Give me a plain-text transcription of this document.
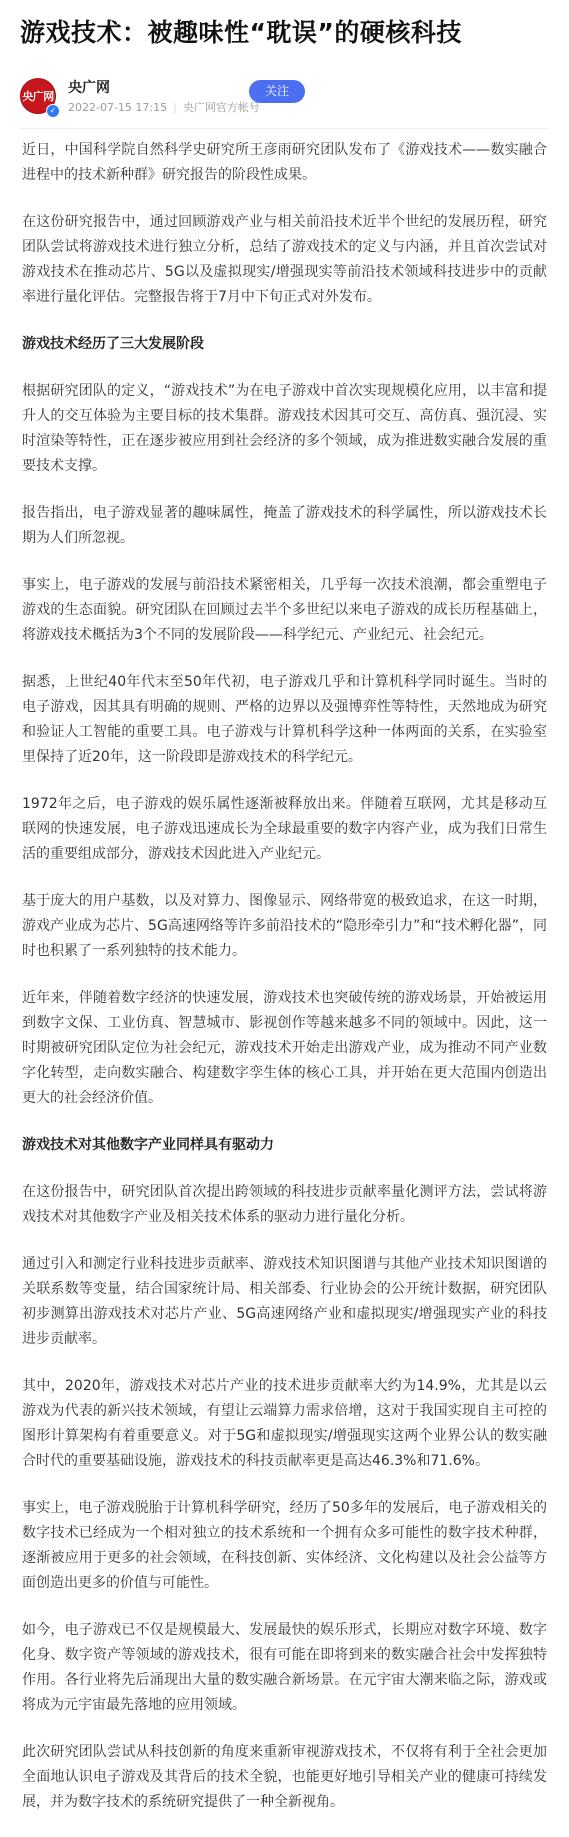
游戏技术：被趣味性“耽误”的硬核科技
央广网
✓
央广网
2022-07-15 17:15 | 央广网官方帐号
关注

近日，中国科学院自然科学史研究所王彦雨研究团队发布了《游戏技术——数实融合进程中的技术新种群》研究报告的阶段性成果。

在这份研究报告中，通过回顾游戏产业与相关前沿技术近半个世纪的发展历程，研究团队尝试将游戏技术进行独立分析，总结了游戏技术的定义与内涵，并且首次尝试对游戏技术在推动芯片、5G以及虚拟现实/增强现实等前沿技术领域科技进步中的贡献率进行量化评估。完整报告将于7月中下旬正式对外发布。

游戏技术经历了三大发展阶段

根据研究团队的定义，“游戏技术”为在电子游戏中首次实现规模化应用，以丰富和提升人的交互体验为主要目标的技术集群。游戏技术因其可交互、高仿真、强沉浸、实时渲染等特性，正在逐步被应用到社会经济的多个领域，成为推进数实融合发展的重要技术支撑。

报告指出，电子游戏显著的趣味属性，掩盖了游戏技术的科学属性，所以游戏技术长期为人们所忽视。

事实上，电子游戏的发展与前沿技术紧密相关，几乎每一次技术浪潮，都会重塑电子游戏的生态面貌。研究团队在回顾过去半个多世纪以来电子游戏的成长历程基础上，将游戏技术概括为3个不同的发展阶段——科学纪元、产业纪元、社会纪元。

据悉，上世纪40年代末至50年代初，电子游戏几乎和计算机科学同时诞生。当时的电子游戏，因其具有明确的规则、严格的边界以及强博弈性等特性，天然地成为研究和验证人工智能的重要工具。电子游戏与计算机科学这种一体两面的关系，在实验室里保持了近20年，这一阶段即是游戏技术的科学纪元。

1972年之后，电子游戏的娱乐属性逐渐被释放出来。伴随着互联网，尤其是移动互联网的快速发展，电子游戏迅速成长为全球最重要的数字内容产业，成为我们日常生活的重要组成部分，游戏技术因此进入产业纪元。

基于庞大的用户基数，以及对算力、图像显示、网络带宽的极致追求，在这一时期，游戏产业成为芯片、5G高速网络等许多前沿技术的“隐形牵引力”和“技术孵化器”，同时也积累了一系列独特的技术能力。

近年来，伴随着数字经济的快速发展，游戏技术也突破传统的游戏场景，开始被运用到数字文保、工业仿真、智慧城市、影视创作等越来越多不同的领域中。因此，这一时期被研究团队定位为社会纪元，游戏技术开始走出游戏产业，成为推动不同产业数字化转型，走向数实融合、构建数字孪生体的核心工具，并开始在更大范围内创造出更大的社会经济价值。

游戏技术对其他数字产业同样具有驱动力

在这份报告中，研究团队首次提出跨领域的科技进步贡献率量化测评方法，尝试将游戏技术对其他数字产业及相关技术体系的驱动力进行量化分析。

通过引入和测定行业科技进步贡献率、游戏技术知识图谱与其他产业技术知识图谱的关联系数等变量，结合国家统计局、相关部委、行业协会的公开统计数据，研究团队初步测算出游戏技术对芯片产业、5G高速网络产业和虚拟现实/增强现实产业的科技进步贡献率。

其中，2020年，游戏技术对芯片产业的技术进步贡献率大约为14.9%，尤其是以云游戏为代表的新兴技术领域，有望让云端算力需求倍增，这对于我国实现自主可控的图形计算架构有着重要意义。对于5G和虚拟现实/增强现实这两个业界公认的数实融合时代的重要基础设施，游戏技术的科技贡献率更是高达46.3%和71.6%。

事实上，电子游戏脱胎于计算机科学研究，经历了50多年的发展后，电子游戏相关的数字技术已经成为一个相对独立的技术系统和一个拥有众多可能性的数字技术种群，逐渐被应用于更多的社会领域，在科技创新、实体经济、文化构建以及社会公益等方面创造出更多的价值与可能性。

如今，电子游戏已不仅是规模最大、发展最快的娱乐形式，长期应对数字环境、数字化身、数字资产等领域的游戏技术，很有可能在即将到来的数实融合社会中发挥独特作用。各行业将先后涌现出大量的数实融合新场景。在元宇宙大潮来临之际，游戏或将成为元宇宙最先落地的应用领域。

此次研究团队尝试从科技创新的角度来重新审视游戏技术，不仅将有利于全社会更加全面地认识电子游戏及其背后的技术全貌，也能更好地引导相关产业的健康可持续发展，并为数字技术的系统研究提供了一种全新视角。
